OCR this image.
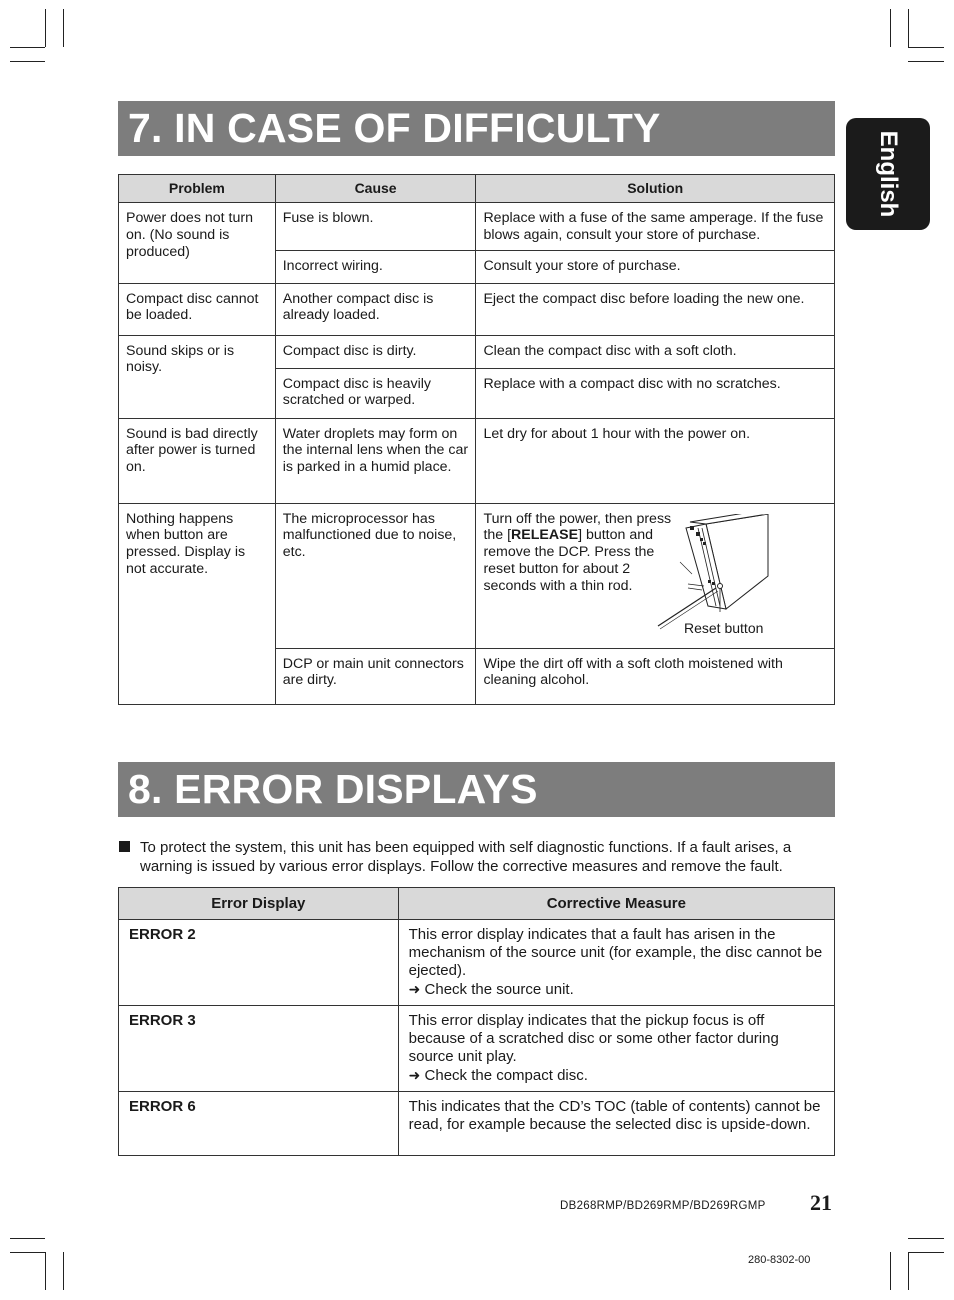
7. IN CASE OF DIFFICULTY
English
Problem	Cause	Solution
Power does not turn on. (No sound is produced)	Fuse is blown.	Replace with a fuse of the same amperage. If the fuse blows again, consult your store of purchase.
	Incorrect wiring.	Consult your store of purchase.
Compact disc cannot be loaded.	Another compact disc is already loaded.	Eject the compact disc before loading the new one.
Sound skips or is noisy.	Compact disc is dirty.	Clean the compact disc with a soft cloth.
	Compact disc is heavily scratched or warped.	Replace with a compact disc with no scratches.
Sound is bad directly after power is turned on.	Water droplets may form on the internal lens when the car is parked in a humid place.	Let dry for about 1 hour with the power on.
Nothing happens when button are pressed. Display is not accurate.	The microprocessor has malfunctioned due to noise, etc.	Turn off the power, then press the [RELEASE] button and remove the DCP. Press the reset button for about 2 seconds with a thin rod.
Reset button

	DCP or main unit connectors are dirty.	Wipe the dirt off with a soft cloth moistened with cleaning alcohol.
8. ERROR DISPLAYS
To protect the system, this unit has been equipped with self diagnostic functions. If a fault arises, a warning is issued by various error displays. Follow the corrective measures and remove the fault.
Error Display	Corrective Measure
ERROR 2	This error display indicates that a fault has arisen in the mechanism of the source unit (for example, the disc cannot be ejected).
➜ Check the source unit.

ERROR 3	This error display indicates that the pickup focus is off because of a scratched disc or some other factor during source unit play.
➜ Check the compact disc.

ERROR 6	This indicates that the CD’s TOC (table of contents) cannot be read, for example because the selected disc is upside-down.
DB268RMP/BD269RMP/BD269RGMP 21
280-8302-00
